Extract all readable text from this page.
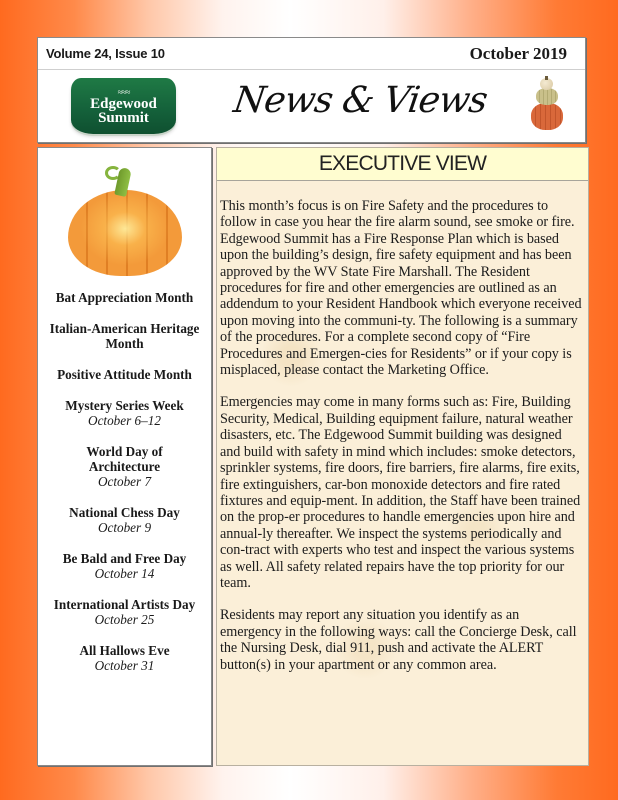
Volume 24, Issue 10	October 2019
≈≈≈
Edgewood
Summit News & Views
Bat Appreciation Month
Italian-American Heritage Month
Positive Attitude Month
Mystery Series Week
October 6–12
World Day of Architecture
October 7
National Chess Day
October 9
Be Bald and Free Day
October 14
International Artists Day
October 25
All Hallows Eve
October 31
EXECUTIVE VIEW

This month’s focus is on Fire Safety and the procedures to follow in case you hear the fire alarm sound, see smoke or fire. Edgewood Summit has a Fire Response Plan which is based upon the building’s design, fire safety equipment and has been approved by the WV State Fire Marshall. The Resident procedures for fire and other emergencies are outlined as an addendum to your Resident Handbook which everyone received upon moving into the communi-ty. The following is a summary of the procedures. For a complete second copy of “Fire Procedures and Emergen-cies for Residents” or if your copy is misplaced, please contact the Marketing Office.

Emergencies may come in many forms such as: Fire, Building Security, Medical, Building equipment failure, natural weather disasters, etc. The Edgewood Summit building was designed and build with safety in mind which includes: smoke detectors, sprinkler systems, fire doors, fire barriers, fire alarms, fire exits, fire extinguishers, car-bon monoxide detectors and fire rated fixtures and equip-ment. In addition, the Staff have been trained on the prop-er procedures to handle emergencies upon hire and annual-ly thereafter. We inspect the systems periodically and con-tract with experts who test and inspect the various systems as well. All safety related repairs have the top priority for our team.

Residents may report any situation you identify as an emergency in the following ways: call the Concierge Desk, call the Nursing Desk, dial 911, push and activate the ALERT button(s) in your apartment or any common area.
